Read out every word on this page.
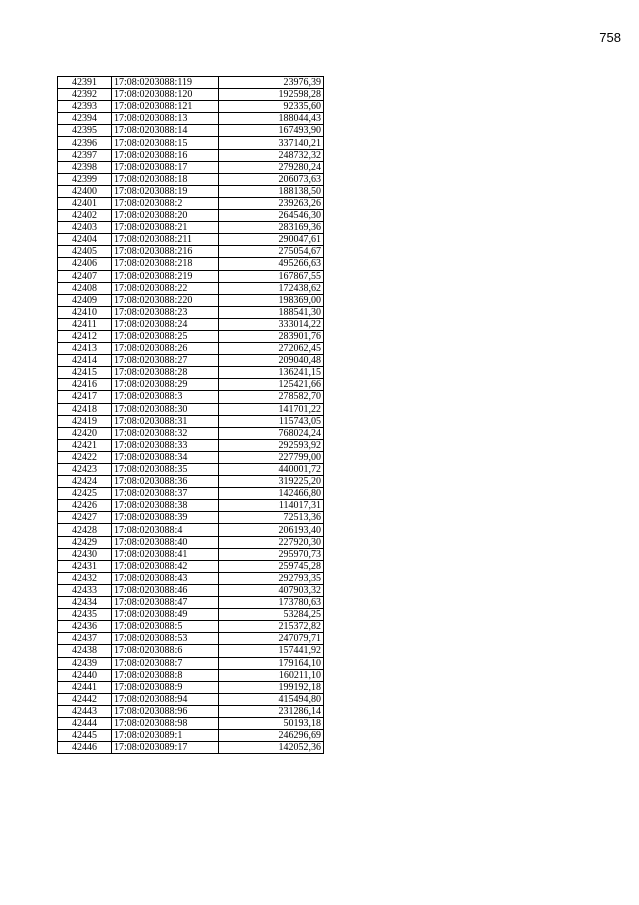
758
42391	17:08:0203088:119	23976,39
42392	17:08:0203088:120	192598,28
42393	17:08:0203088:121	92335,60
42394	17:08:0203088:13	188044,43
42395	17:08:0203088:14	167493,90
42396	17:08:0203088:15	337140,21
42397	17:08:0203088:16	248732,32
42398	17:08:0203088:17	279280,24
42399	17:08:0203088:18	206073,63
42400	17:08:0203088:19	188138,50
42401	17:08:0203088:2	239263,26
42402	17:08:0203088:20	264546,30
42403	17:08:0203088:21	283169,36
42404	17:08:0203088:211	290047,61
42405	17:08:0203088:216	275054,67
42406	17:08:0203088:218	495266,63
42407	17:08:0203088:219	167867,55
42408	17:08:0203088:22	172438,62
42409	17:08:0203088:220	198369,00
42410	17:08:0203088:23	188541,30
42411	17:08:0203088:24	333014,22
42412	17:08:0203088:25	283901,76
42413	17:08:0203088:26	272062,45
42414	17:08:0203088:27	209040,48
42415	17:08:0203088:28	136241,15
42416	17:08:0203088:29	125421,66
42417	17:08:0203088:3	278582,70
42418	17:08:0203088:30	141701,22
42419	17:08:0203088:31	115743,05
42420	17:08:0203088:32	768024,24
42421	17:08:0203088:33	292593,92
42422	17:08:0203088:34	227799,00
42423	17:08:0203088:35	440001,72
42424	17:08:0203088:36	319225,20
42425	17:08:0203088:37	142466,80
42426	17:08:0203088:38	114017,31
42427	17:08:0203088:39	72513,36
42428	17:08:0203088:4	206193,40
42429	17:08:0203088:40	227920,30
42430	17:08:0203088:41	295970,73
42431	17:08:0203088:42	259745,28
42432	17:08:0203088:43	292793,35
42433	17:08:0203088:46	407903,32
42434	17:08:0203088:47	173780,63
42435	17:08:0203088:49	53284,25
42436	17:08:0203088:5	215372,82
42437	17:08:0203088:53	247079,71
42438	17:08:0203088:6	157441,92
42439	17:08:0203088:7	179164,10
42440	17:08:0203088:8	160211,10
42441	17:08:0203088:9	199192,18
42442	17:08:0203088:94	415494,80
42443	17:08:0203088:96	231286,14
42444	17:08:0203088:98	50193,18
42445	17:08:0203089:1	246296,69
42446	17:08:0203089:17	142052,36
